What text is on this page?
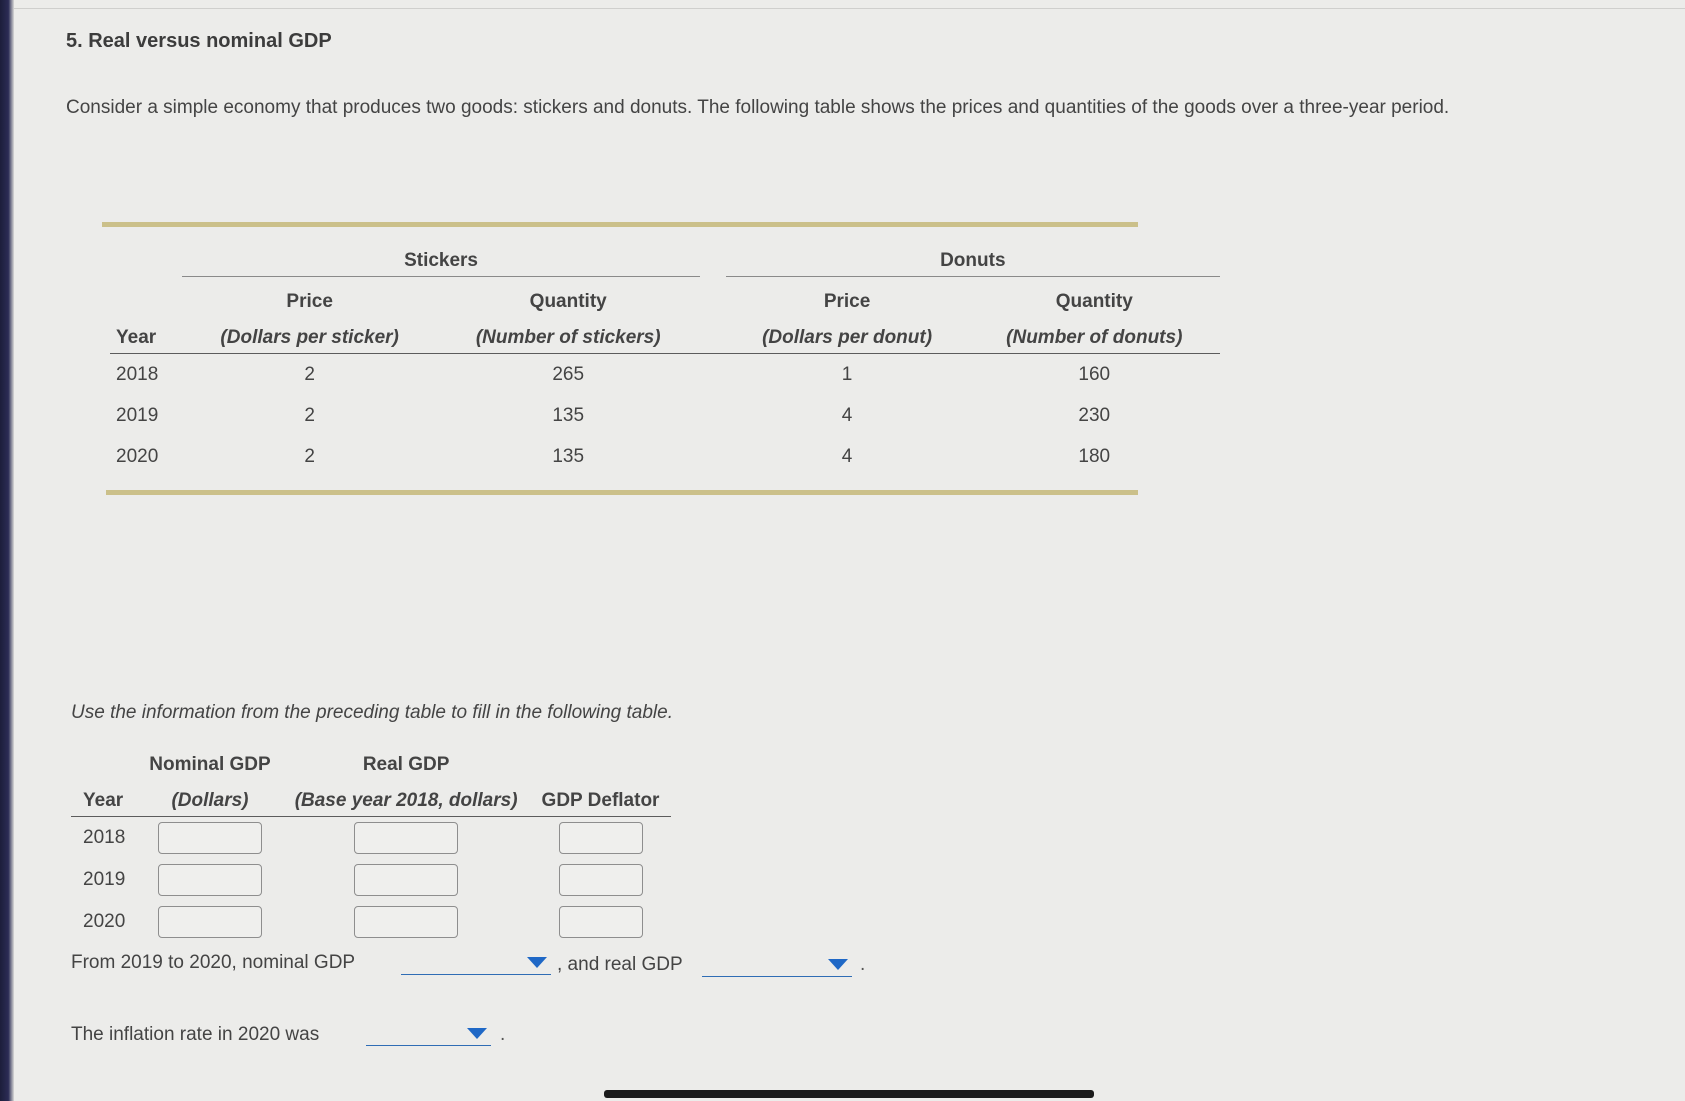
5. Real versus nominal GDP

Consider a simple economy that produces two goods: stickers and donuts. The following table shows the prices and quantities of the goods over a three-year period.

	Stickers			Donuts	
	Price	Quantity		Price	Quantity
Year	(Dollars per sticker)	(Number of stickers)		(Dollars per donut)	(Number of donuts)
2018	2	265		1	160
2019	2	135		4	230
2020	2	135		4	180

Use the information from the preceding table to fill in the following table.

	Nominal GDP	Real GDP	
Year	(Dollars)	(Base year 2018, dollars)	GDP Deflator
2018			
2019			
2020			

From 2019 to 2020, nominal GDP	, and real GDP	.

The inflation rate in 2020 was	.
